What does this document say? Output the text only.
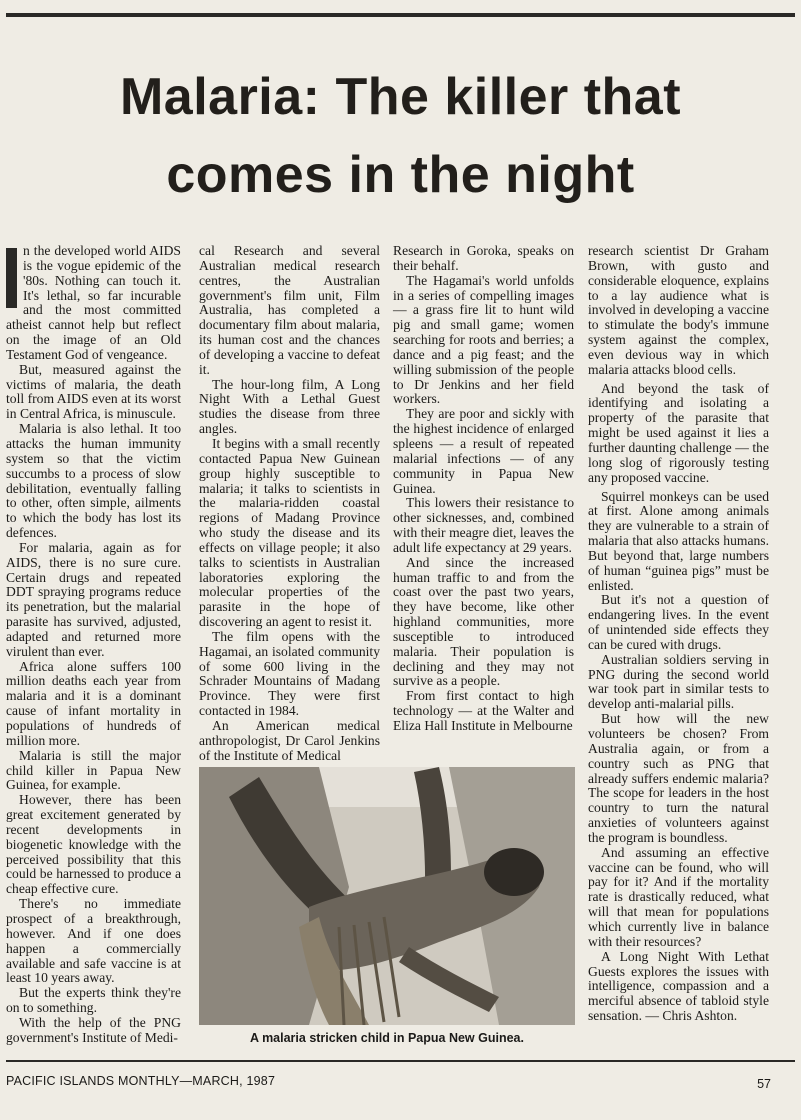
Malaria: The killer that
comes in the night

n the developed world AIDS is the vogue epidemic of the '80s. Nothing can touch it. It's lethal, so far incurable and the most committed atheist cannot help but reflect on the image of an Old Testament God of vengeance.

But, measured against the victims of malaria, the death toll from AIDS even at its worst in Central Africa, is minuscule.

Malaria is also lethal. It too attacks the human immunity system so that the victim succumbs to a process of slow debilitation, eventually falling to other, often simple, ailments to which the body has lost its defences.

For malaria, again as for AIDS, there is no sure cure. Certain drugs and repeated DDT spraying programs reduce its penetration, but the malarial parasite has survived, adjusted, adapted and returned more virulent than ever.

Africa alone suffers 100 million deaths each year from malaria and it is a dominant cause of infant mortality in populations of hundreds of million more.

Malaria is still the major child killer in Papua New Guinea, for example.

However, there has been great excitement generated by recent developments in biogenetic knowledge with the perceived possibility that this could be harnessed to produce a cheap effective cure.

There's no immediate prospect of a breakthrough, however. And if one does happen a commercially available and safe vaccine is at least 10 years away.

But the experts think they're on to something.

With the help of the PNG government's Institute of Medi-

cal Research and several Australian medical research centres, the Australian government's film unit, Film Australia, has completed a documentary film about malaria, its human cost and the chances of developing a vaccine to defeat it.

The hour-long film, A Long Night With a Lethal Guest studies the disease from three angles.

It begins with a small recently contacted Papua New Guinean group highly susceptible to malaria; it talks to scientists in the malaria-ridden coastal regions of Madang Province who study the disease and its effects on village people; it also talks to scientists in Australian laboratories exploring the molecular properties of the parasite in the hope of discovering an agent to resist it.

The film opens with the Hagamai, an isolated community of some 600 living in the Schrader Mountains of Madang Province. They were first contacted in 1984.

An American medical anthropologist, Dr Carol Jenkins of the Institute of Medical

Research in Goroka, speaks on their behalf.

The Hagamai's world unfolds in a series of compelling images — a grass fire lit to hunt wild pig and small game; women searching for roots and berries; a dance and a pig feast; and the willing submission of the people to Dr Jenkins and her field workers.

They are poor and sickly with the highest incidence of enlarged spleens — a result of repeated malarial infections — of any community in Papua New Guinea.

This lowers their resistance to other sicknesses, and, combined with their meagre diet, leaves the adult life expectancy at 29 years.

And since the increased human traffic to and from the coast over the past two years, they have become, like other highland communities, more susceptible to introduced malaria. Their population is declining and they may not survive as a people.

From first contact to high technology — at the Walter and Eliza Hall Institute in Melbourne

research scientist Dr Graham Brown, with gusto and considerable eloquence, explains to a lay audience what is involved in developing a vaccine to stimulate the body's immune system against the complex, even devious way in which malaria attacks blood cells.

And beyond the task of identifying and isolating a property of the parasite that might be used against it lies a further daunting challenge — the long slog of rigorously testing any proposed vaccine.

Squirrel monkeys can be used at first. Alone among animals they are vulnerable to a strain of malaria that also attacks humans. But beyond that, large numbers of human “guinea pigs” must be enlisted.

But it's not a question of endangering lives. In the event of unintended side effects they can be cured with drugs.

Australian soldiers serving in PNG during the second world war took part in similar tests to develop anti-malarial pills.

But how will the new volunteers be chosen? From Australia again, or from a country such as PNG that already suffers endemic malaria? The scope for leaders in the host country to turn the natural anxieties of volunteers against the program is boundless.

And assuming an effective vaccine can be found, who will pay for it? And if the mortality rate is drastically reduced, what will that mean for populations which currently live in balance with their resources?

A Long Night With Lethat Guests explores the issues with intelligence, compassion and a merciful absence of tabloid style sensation. — Chris Ashton.

A malaria stricken child in Papua New Guinea.
PACIFIC ISLANDS MONTHLY—MARCH, 1987	57
